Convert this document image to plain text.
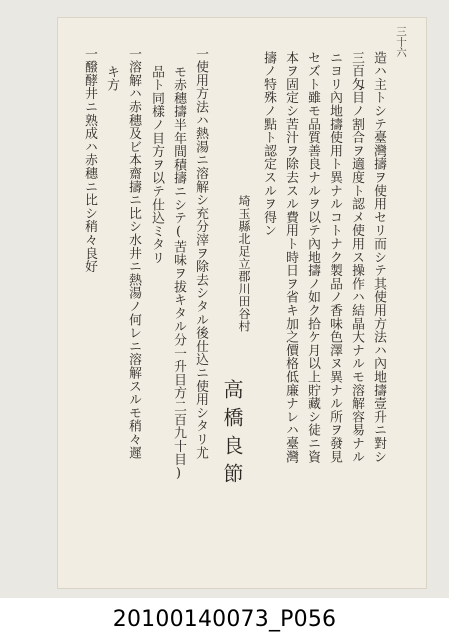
三十六
造ハ主トシテ臺灣擣ヲ使用セリ而シテ其使用方法ハ內地擣壹升ニ對シ
三百匁目ノ割合ヲ適度ト認メ使用ス操作ハ結晶大ナルモ溶解容易ナル
ニヨリ內地擣使用ト異ナルコトナク製品ノ香味色澤ヌ異ナル所ヲ發見
セズト雖モ品質善良ナルヲ以テ內地擣ノ如ク拾ケ月以上貯藏シ徒ニ資
本ヲ固定シ苦汁ヲ除去スル費用ト時日ヲ省キ加之價格低廉ナレハ臺灣
擣ノ特殊ノ點ト認定スルヲ得ン
埼玉縣北足立郡川田谷村
高橋良節
一使用方法ハ熱湯ニ溶解シ充分滓ヲ除去シタル後仕込ニ使用シタリ尤
モ赤穗擣半年間積擣ニシテ(苦味ヲ拔キタル分一升目方二百九十目)
品ト同樣ノ目方ヲ以テ仕込ミタリ
一溶解ハ赤穗及ビ本齋擣ニ比シ水井ニ熱湯ノ何レニ溶解スルモ稍々遲
キ方
一醱酵井ニ熟成ハ赤穗ニ比シ稍々良好
20100140073_P056
